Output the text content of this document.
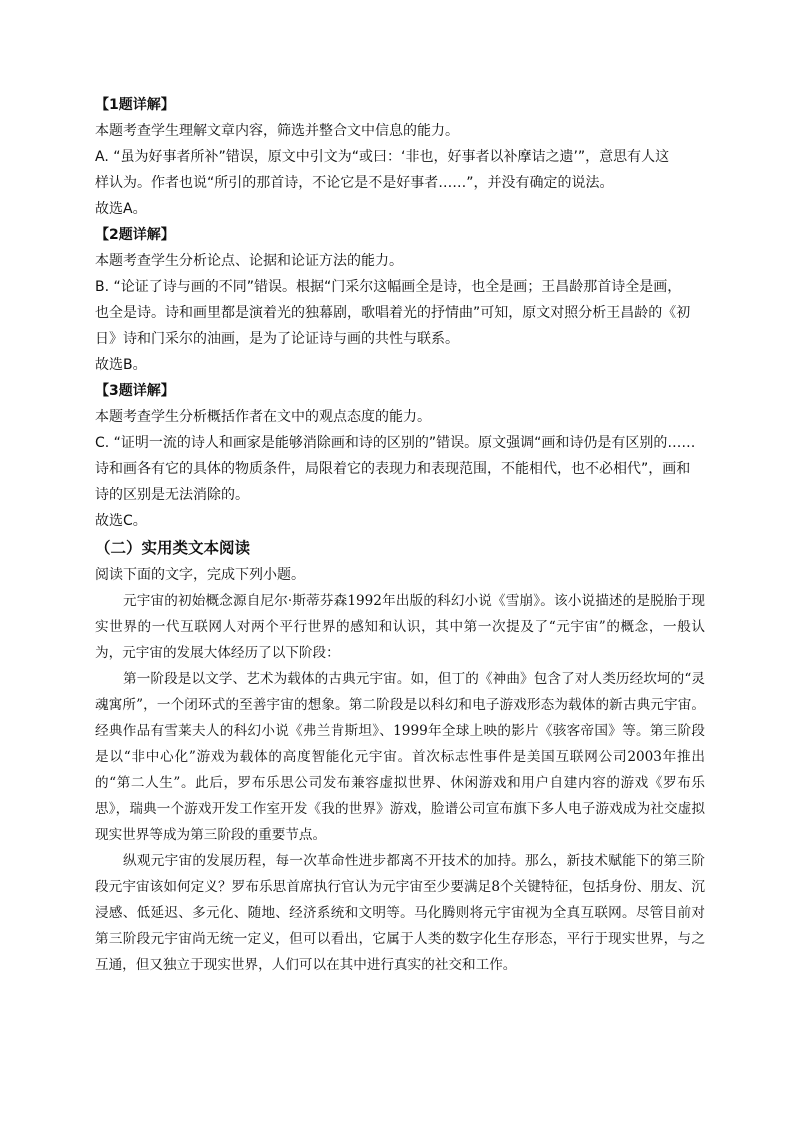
【1题详解】
本题考查学生理解文章内容，筛选并整合文中信息的能力。
A. “虽为好事者所补”错误，原文中引文为“或曰：‘非也，好事者以补摩诘之遗’”，意思有人这
样认为。作者也说“所引的那首诗，不论它是不是好事者……”，并没有确定的说法。
故选A。
【2题详解】
本题考查学生分析论点、论据和论证方法的能力。
B. “论证了诗与画的不同”错误。根据“门采尔这幅画全是诗，也全是画；王昌龄那首诗全是画，
也全是诗。诗和画里都是演着光的独幕剧，歌唱着光的抒情曲”可知，原文对照分析王昌龄的《初
日》诗和门采尔的油画，是为了论证诗与画的共性与联系。
故选B。
【3题详解】
本题考查学生分析概括作者在文中的观点态度的能力。
C. “证明一流的诗人和画家是能够消除画和诗的区别的”错误。原文强调“画和诗仍是有区别的……
诗和画各有它的具体的物质条件，局限着它的表现力和表现范围，不能相代，也不必相代”，画和
诗的区别是无法消除的。
故选C。
（二）实用类文本阅读
阅读下面的文字，完成下列小题。

元宇宙的初始概念源自尼尔·斯蒂芬森1992年出版的科幻小说《雪崩》。该小说描述的是脱胎于现实世界的一代互联网人对两个平行世界的感知和认识，其中第一次提及了“元宇宙”的概念，一般认为，元宇宙的发展大体经历了以下阶段：

第一阶段是以文学、艺术为载体的古典元宇宙。如，但丁的《神曲》包含了对人类历经坎坷的“灵魂寓所”，一个闭环式的至善宇宙的想象。第二阶段是以科幻和电子游戏形态为载体的新古典元宇宙。经典作品有雪莱夫人的科幻小说《弗兰肯斯坦》、1999年全球上映的影片《骇客帝国》等。第三阶段是以“非中心化”游戏为载体的高度智能化元宇宙。首次标志性事件是美国互联网公司2003年推出的“第二人生”。此后，罗布乐思公司发布兼容虚拟世界、休闲游戏和用户自建内容的游戏《罗布乐思》，瑞典一个游戏开发工作室开发《我的世界》游戏，脸谱公司宣布旗下多人电子游戏成为社交虚拟现实世界等成为第三阶段的重要节点。

纵观元宇宙的发展历程，每一次革命性进步都离不开技术的加持。那么，新技术赋能下的第三阶段元宇宙该如何定义？罗布乐思首席执行官认为元宇宙至少要满足8个关键特征，包括身份、朋友、沉浸感、低延迟、多元化、随地、经济系统和文明等。马化腾则将元宇宙视为全真互联网。尽管目前对第三阶段元宇宙尚无统一定义，但可以看出，它属于人类的数字化生存形态，平行于现实世界，与之互通，但又独立于现实世界，人们可以在其中进行真实的社交和工作。
